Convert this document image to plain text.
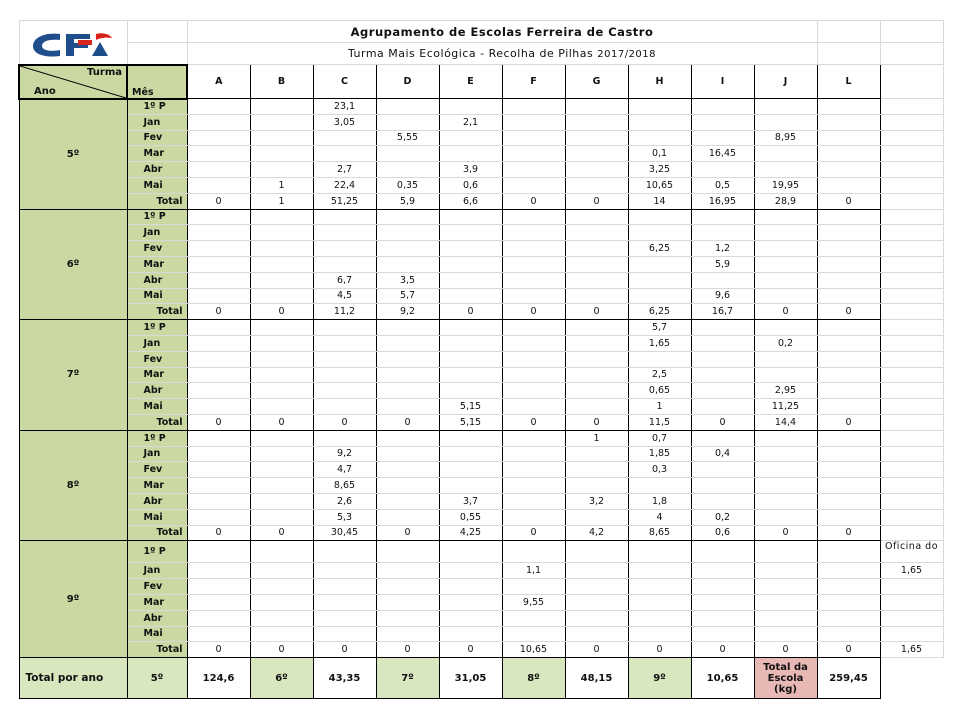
		Agrupamento de Escolas Ferreira de Castro											
		Turma Mais Ecológica - Recolha de Pilhas 2017/2018											

Turma
Ano	Mês	A	B	C	D	E	F	G	H	I	J	L	
5º	1º P			23,1									
	Jan			3,05		2,1							
	Fev				5,55						8,95		
	Mar								0,1	16,45			
	Abr			2,7		3,9			3,25				
	Mai		1	22,4	0,35	0,6			10,65	0,5	19,95		
	Total	0	1	51,25	5,9	6,6	0	0	14	16,95	28,9	0	
6º	1º P												
	Jan												
	Fev								6,25	1,2			
	Mar									5,9			
	Abr			6,7	3,5								
	Mai			4,5	5,7					9,6			
	Total	0	0	11,2	9,2	0	0	0	6,25	16,7	0	0	
7º	1º P								5,7				
	Jan								1,65		0,2		
	Fev												
	Mar								2,5				
	Abr								0,65		2,95		
	Mai					5,15			1		11,25		
	Total	0	0	0	0	5,15	0	0	11,5	0	14,4	0	
8º	1º P							1	0,7				
	Jan			9,2					1,85	0,4			
	Fev			4,7					0,3				
	Mar			8,65									
	Abr			2,6		3,7		3,2	1,8				
	Mai			5,3		0,55			4	0,2			
	Total	0	0	30,45	0	4,25	0	4,2	8,65	0,6	0	0	
9º	1º P												Oficina do
	Jan						1,1						1,65
	Fev												
	Mar						9,55						
	Abr												
	Mai												
	Total	0	0	0	0	0	10,65	0	0	0	0	0	1,65
Total por ano	5º	124,6	6º	43,35	7º	31,05	8º	48,15	9º	10,65	Total da Escola (kg)	259,45	
